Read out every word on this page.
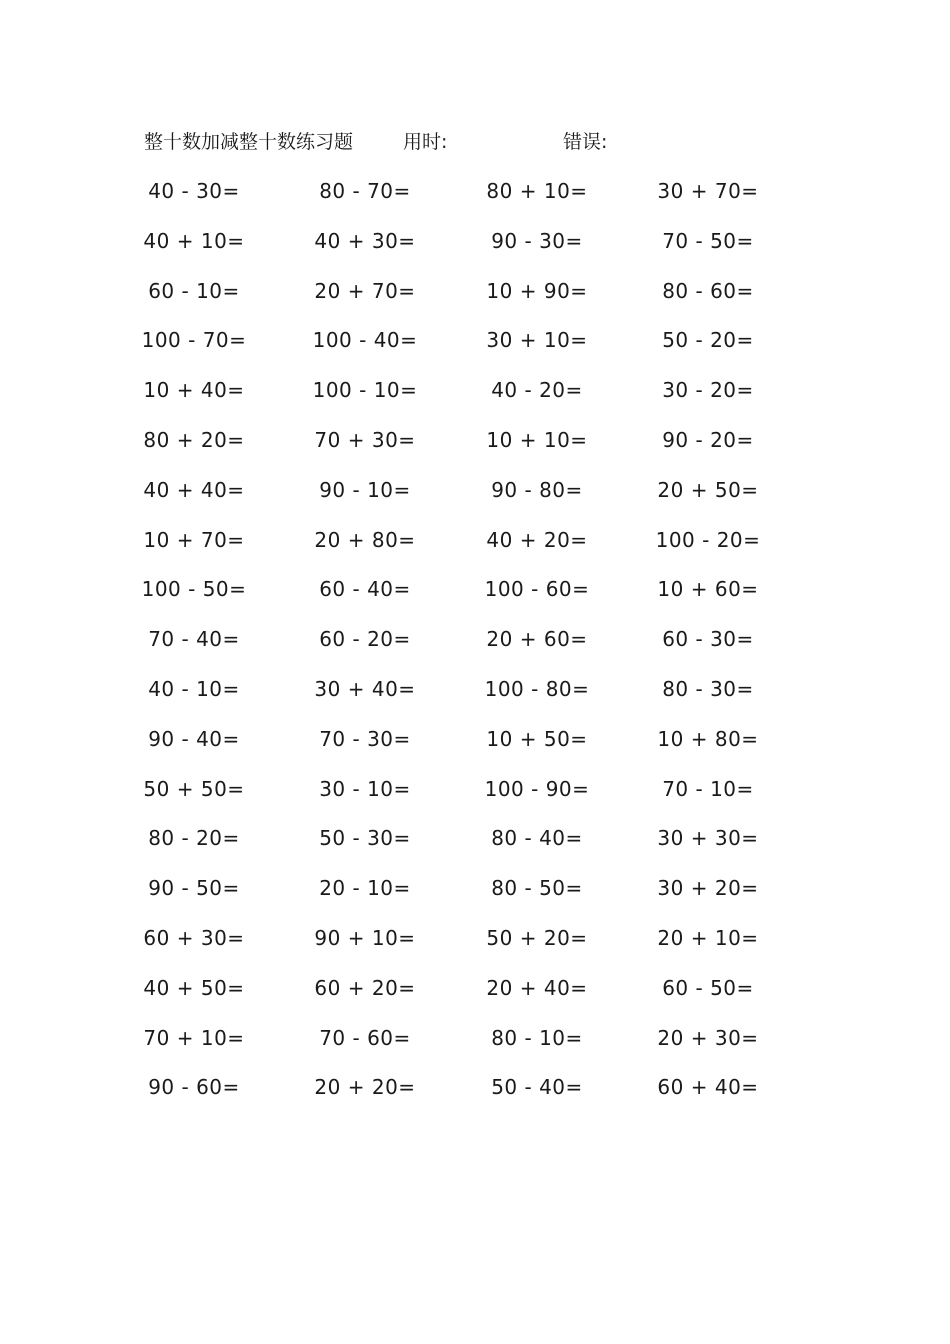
整十数加减整十数练习题	用时:	错误:
40 - 30=	80 - 70=	80 + 10=	30 + 70=
40 + 10=	40 + 30=	90 - 30=	70 - 50=
60 - 10=	20 + 70=	10 + 90=	80 - 60=
100 - 70=	100 - 40=	30 + 10=	50 - 20=
10 + 40=	100 - 10=	40 - 20=	30 - 20=
80 + 20=	70 + 30=	10 + 10=	90 - 20=
40 + 40=	90 - 10=	90 - 80=	20 + 50=
10 + 70=	20 + 80=	40 + 20=	100 - 20=
100 - 50=	60 - 40=	100 - 60=	10 + 60=
70 - 40=	60 - 20=	20 + 60=	60 - 30=
40 - 10=	30 + 40=	100 - 80=	80 - 30=
90 - 40=	70 - 30=	10 + 50=	10 + 80=
50 + 50=	30 - 10=	100 - 90=	70 - 10=
80 - 20=	50 - 30=	80 - 40=	30 + 30=
90 - 50=	20 - 10=	80 - 50=	30 + 20=
60 + 30=	90 + 10=	50 + 20=	20 + 10=
40 + 50=	60 + 20=	20 + 40=	60 - 50=
70 + 10=	70 - 60=	80 - 10=	20 + 30=
90 - 60=	20 + 20=	50 - 40=	60 + 40=
